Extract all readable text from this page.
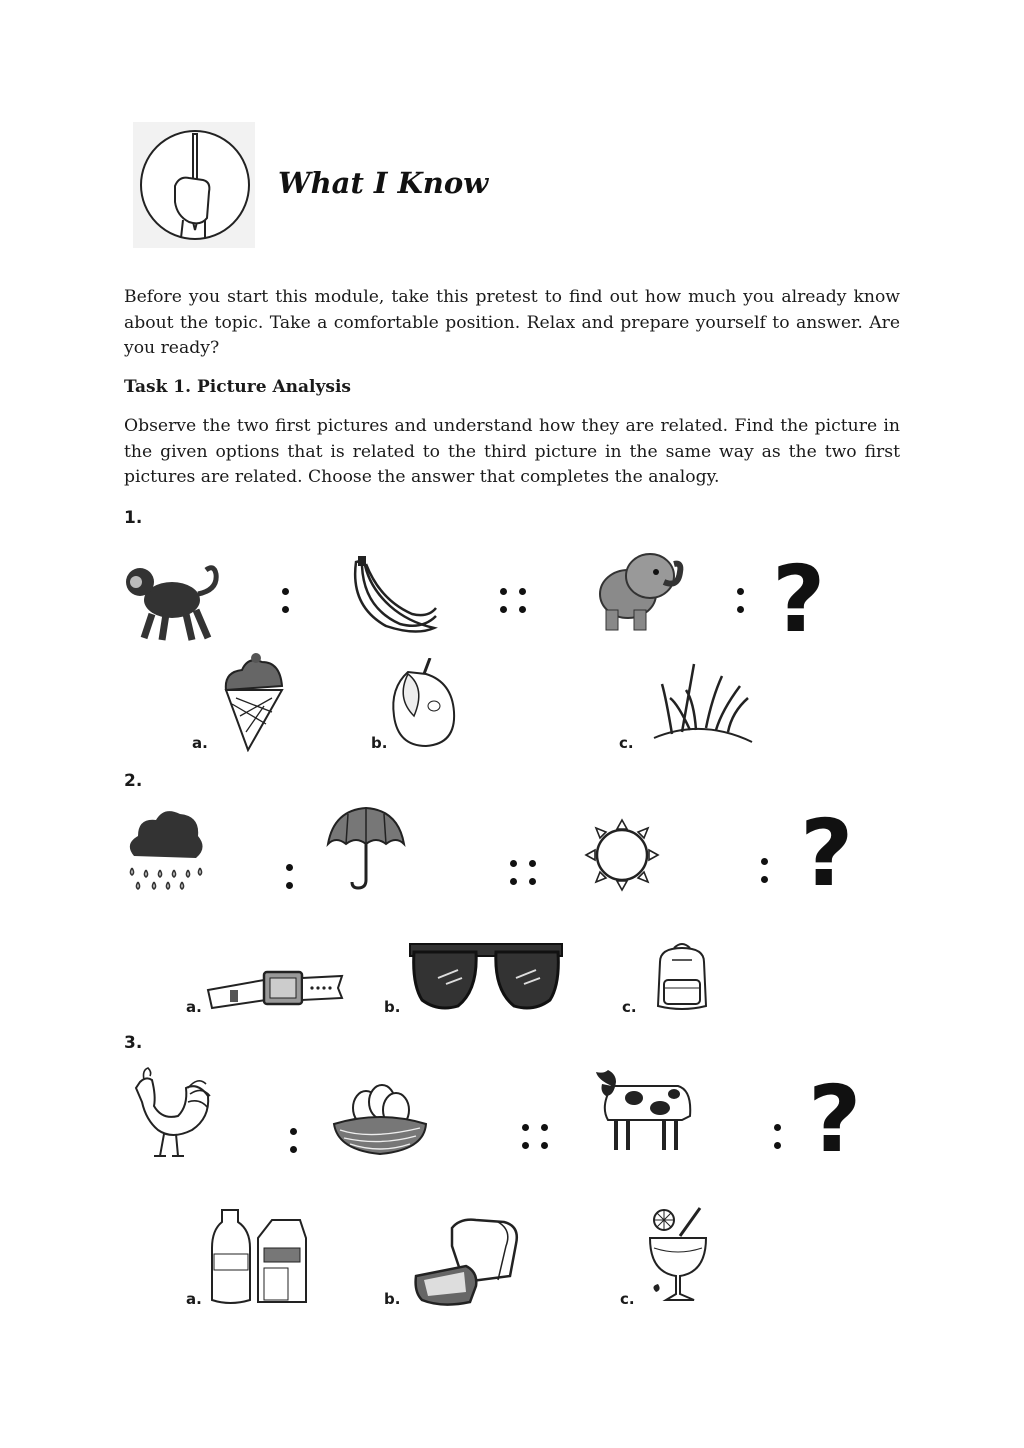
What I Know
Before you start this module, take this pretest to find out how much you already know about the topic. Take a comfortable position. Relax and prepare yourself to answer. Are you ready?
Task 1. Picture Analysis
Observe the two first pictures and understand how they are related. Find the picture in the given options that is related to the third picture in the same way as the two first pictures are related. Choose the answer that completes the analogy.
1.
?
a.	b.	c.
2.
?
a.	b.	c.
3.
?
a.	b.	c.
